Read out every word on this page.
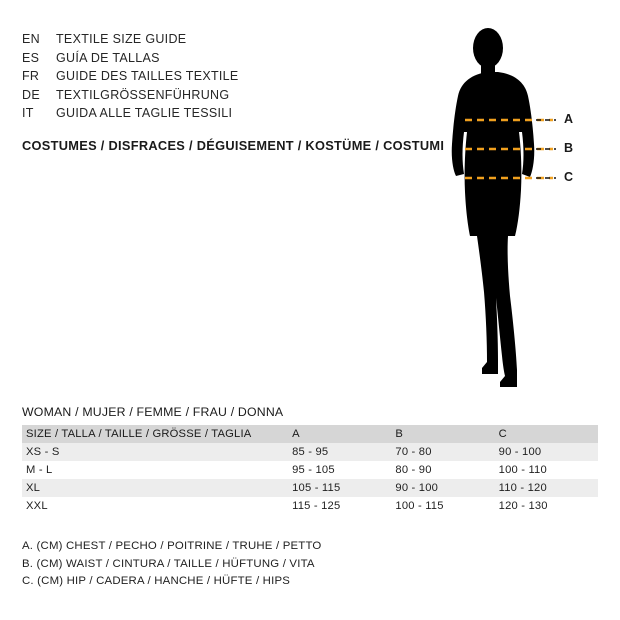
EN	TEXTILE SIZE GUIDE
ES	GUÍA DE TALLAS
FR	GUIDE DES TAILLES TEXTILE
DE	TEXTILGRÖSSENFÜHRUNG
IT	GUIDA ALLE TAGLIE TESSILI
COSTUMES / DISFRACES / DÉGUISEMENT / KOSTÜME / COSTUMI
A
B
C
WOMAN / MUJER / FEMME / FRAU / DONNA
SIZE / TALLA / TAILLE / GRÖSSE / TAGLIA	A	B	C
XS - S	85 - 95	70 - 80	90 - 100
M - L	95 - 105	80 - 90	100 - 110
XL	105 - 115	90 - 100	110 - 120
XXL	115 - 125	100 - 115	120 - 130
A. (CM) CHEST / PECHO / POITRINE / TRUHE / PETTO
B. (CM) WAIST / CINTURA / TAILLE / HÜFTUNG / VITA
C. (CM) HIP / CADERA / HANCHE / HÜFTE / HIPS
